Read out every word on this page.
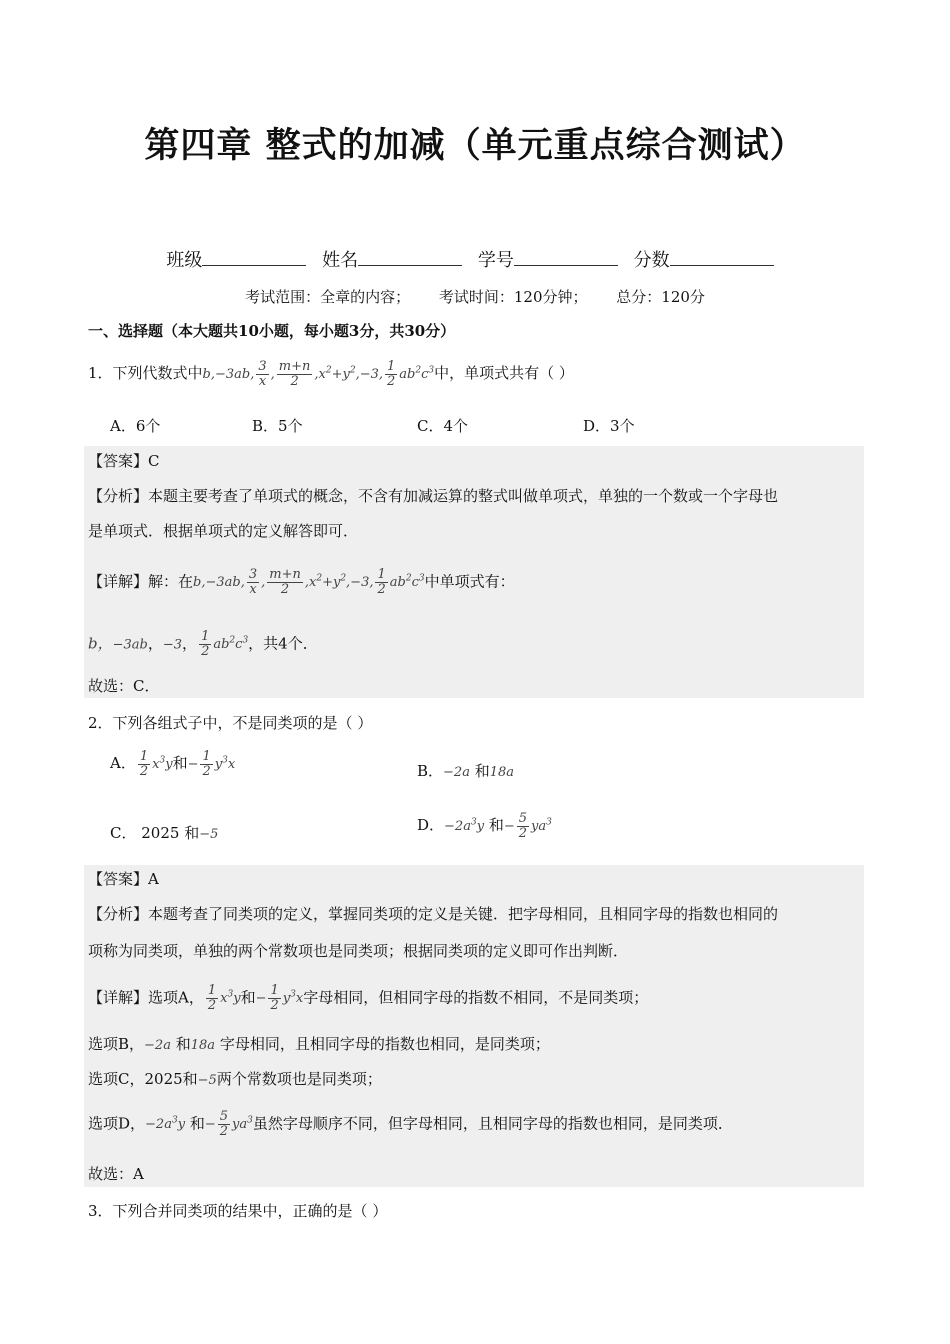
第四章 整式的加减（单元重点综合测试）
班级	姓名	学号	分数
考试范围：全章的内容； 考试时间：120分钟； 总分：120分
一、选择题（本大题共10小题，每小题3分，共30分）
1．下列代数式中b,−3ab, $\frac{3}{x}$ , $\frac{m+n}{2} ,x^2+y^2,-3$, $\frac{1}{2} ab^2c^3$中，单项式共有（ ）
A．6个	B．5个	C．4个	D．3个
【答案】C
【分析】本题主要考查了单项式的概念，不含有加减运算的整式叫做单项式，单独的一个数或一个字母也
是单项式．根据单项式的定义解答即可．
【详解】解：在b,−3ab, $\frac{3}{x}$ , $\frac{m+n}{2} ,x^2+y^2,-3$, $\frac{1}{2} ab^2c^3$中单项式有：
b，−3ab，−3， $\frac{1}{2} ab^2c^3$，共4个．
故选：C．
2．下列各组式子中，不是同类项的是（ ）
A． $\frac{1}{2} x^3y$和− $\frac{1}{2} y^3x$	B．−2a 和18a
C． 2025 和−5
D．$-2a^3y$ 和− $\frac{5}{2} ya^3$
【答案】A
【分析】本题考查了同类项的定义，掌握同类项的定义是关键．把字母相同，且相同字母的指数也相同的
项称为同类项，单独的两个常数项也是同类项；根据同类项的定义即可作出判断．
【详解】选项A， $\frac{1}{2} x^3y$和− $\frac{1}{2} y^3x$字母相同，但相同字母的指数不相同，不是同类项；
选项B，−2a 和18a 字母相同，且相同字母的指数也相同，是同类项；
选项C，2025和−5两个常数项也是同类项；
选项D，$-2a^3y$ 和− $\frac{5}{2} ya^3$虽然字母顺序不同，但字母相同，且相同字母的指数也相同，是同类项．
故选：A
3．下列合并同类项的结果中，正确的是（ ）
